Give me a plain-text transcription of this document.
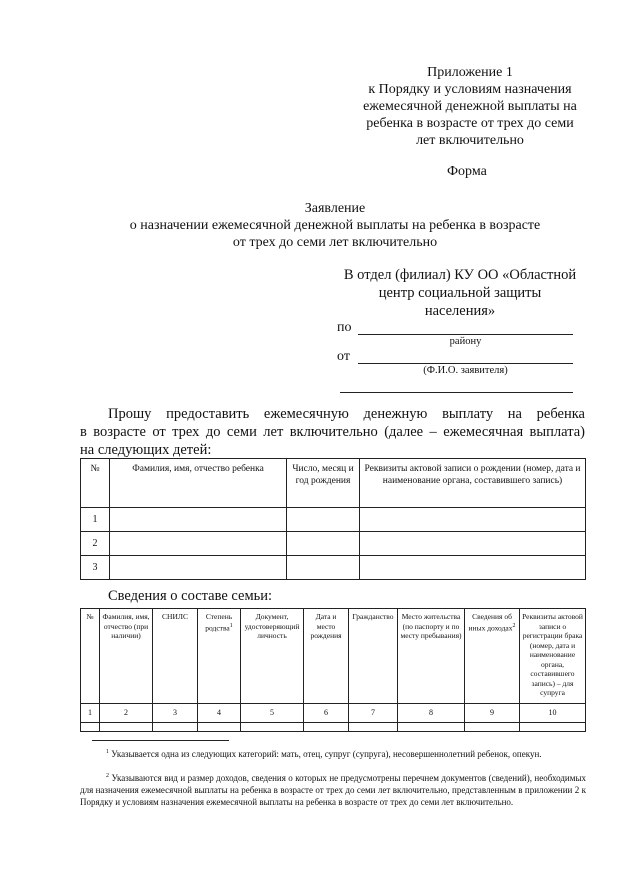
Приложение 1
к Порядку и условиям назначения
ежемесячной денежной выплаты на
ребенка в возрасте от трех до семи
лет включительно
Форма
Заявление
о назначении ежемесячной денежной выплаты на ребенка в возрасте
от трех до семи лет включительно
В отдел (филиал) КУ ОО «Областной
центр социальной защиты
населения»
по
району
от
(Ф.И.О. заявителя)
Прошу предоставить ежемесячную денежную выплату на ребенка
в возрасте от трех до семи лет включительно (далее – ежемесячная выплата)
на следующих детей:
№	Фамилия, имя, отчество ребенка	Число, месяц и год рождения	Реквизиты актовой записи о рождении (номер, дата и наименование органа, составившего запись)
1			
2			
3			
Сведения о составе семьи:
№	Фамилия, имя, отчество (при наличии)	СНИЛС	Степень родства$^1$	Документ, удостоверяющий личность	Дата и место рождения	Гражданство	Место жительства (по паспорту и по месту пребывания)	Сведения об иных доходах$^2$	Реквизиты актовой записи о регистрации брака (номер, дата и наименование органа, составившего запись) – для супруга
1	2	3	4	5	6	7	8	9	10

$^1$ Указывается одна из следующих категорий: мать, отец, супруг (супруга), несовершеннолетний ребенок, опекун.
$^2$ Указываются вид и размер доходов, сведения о которых не предусмотрены перечнем документов (сведений), необходимых для назначения ежемесячной выплаты на ребенка в возрасте от трех до семи лет включительно, представленным в приложении 2 к Порядку и условиям назначения ежемесячной выплаты на ребенка в возрасте от трех до семи лет включительно.
